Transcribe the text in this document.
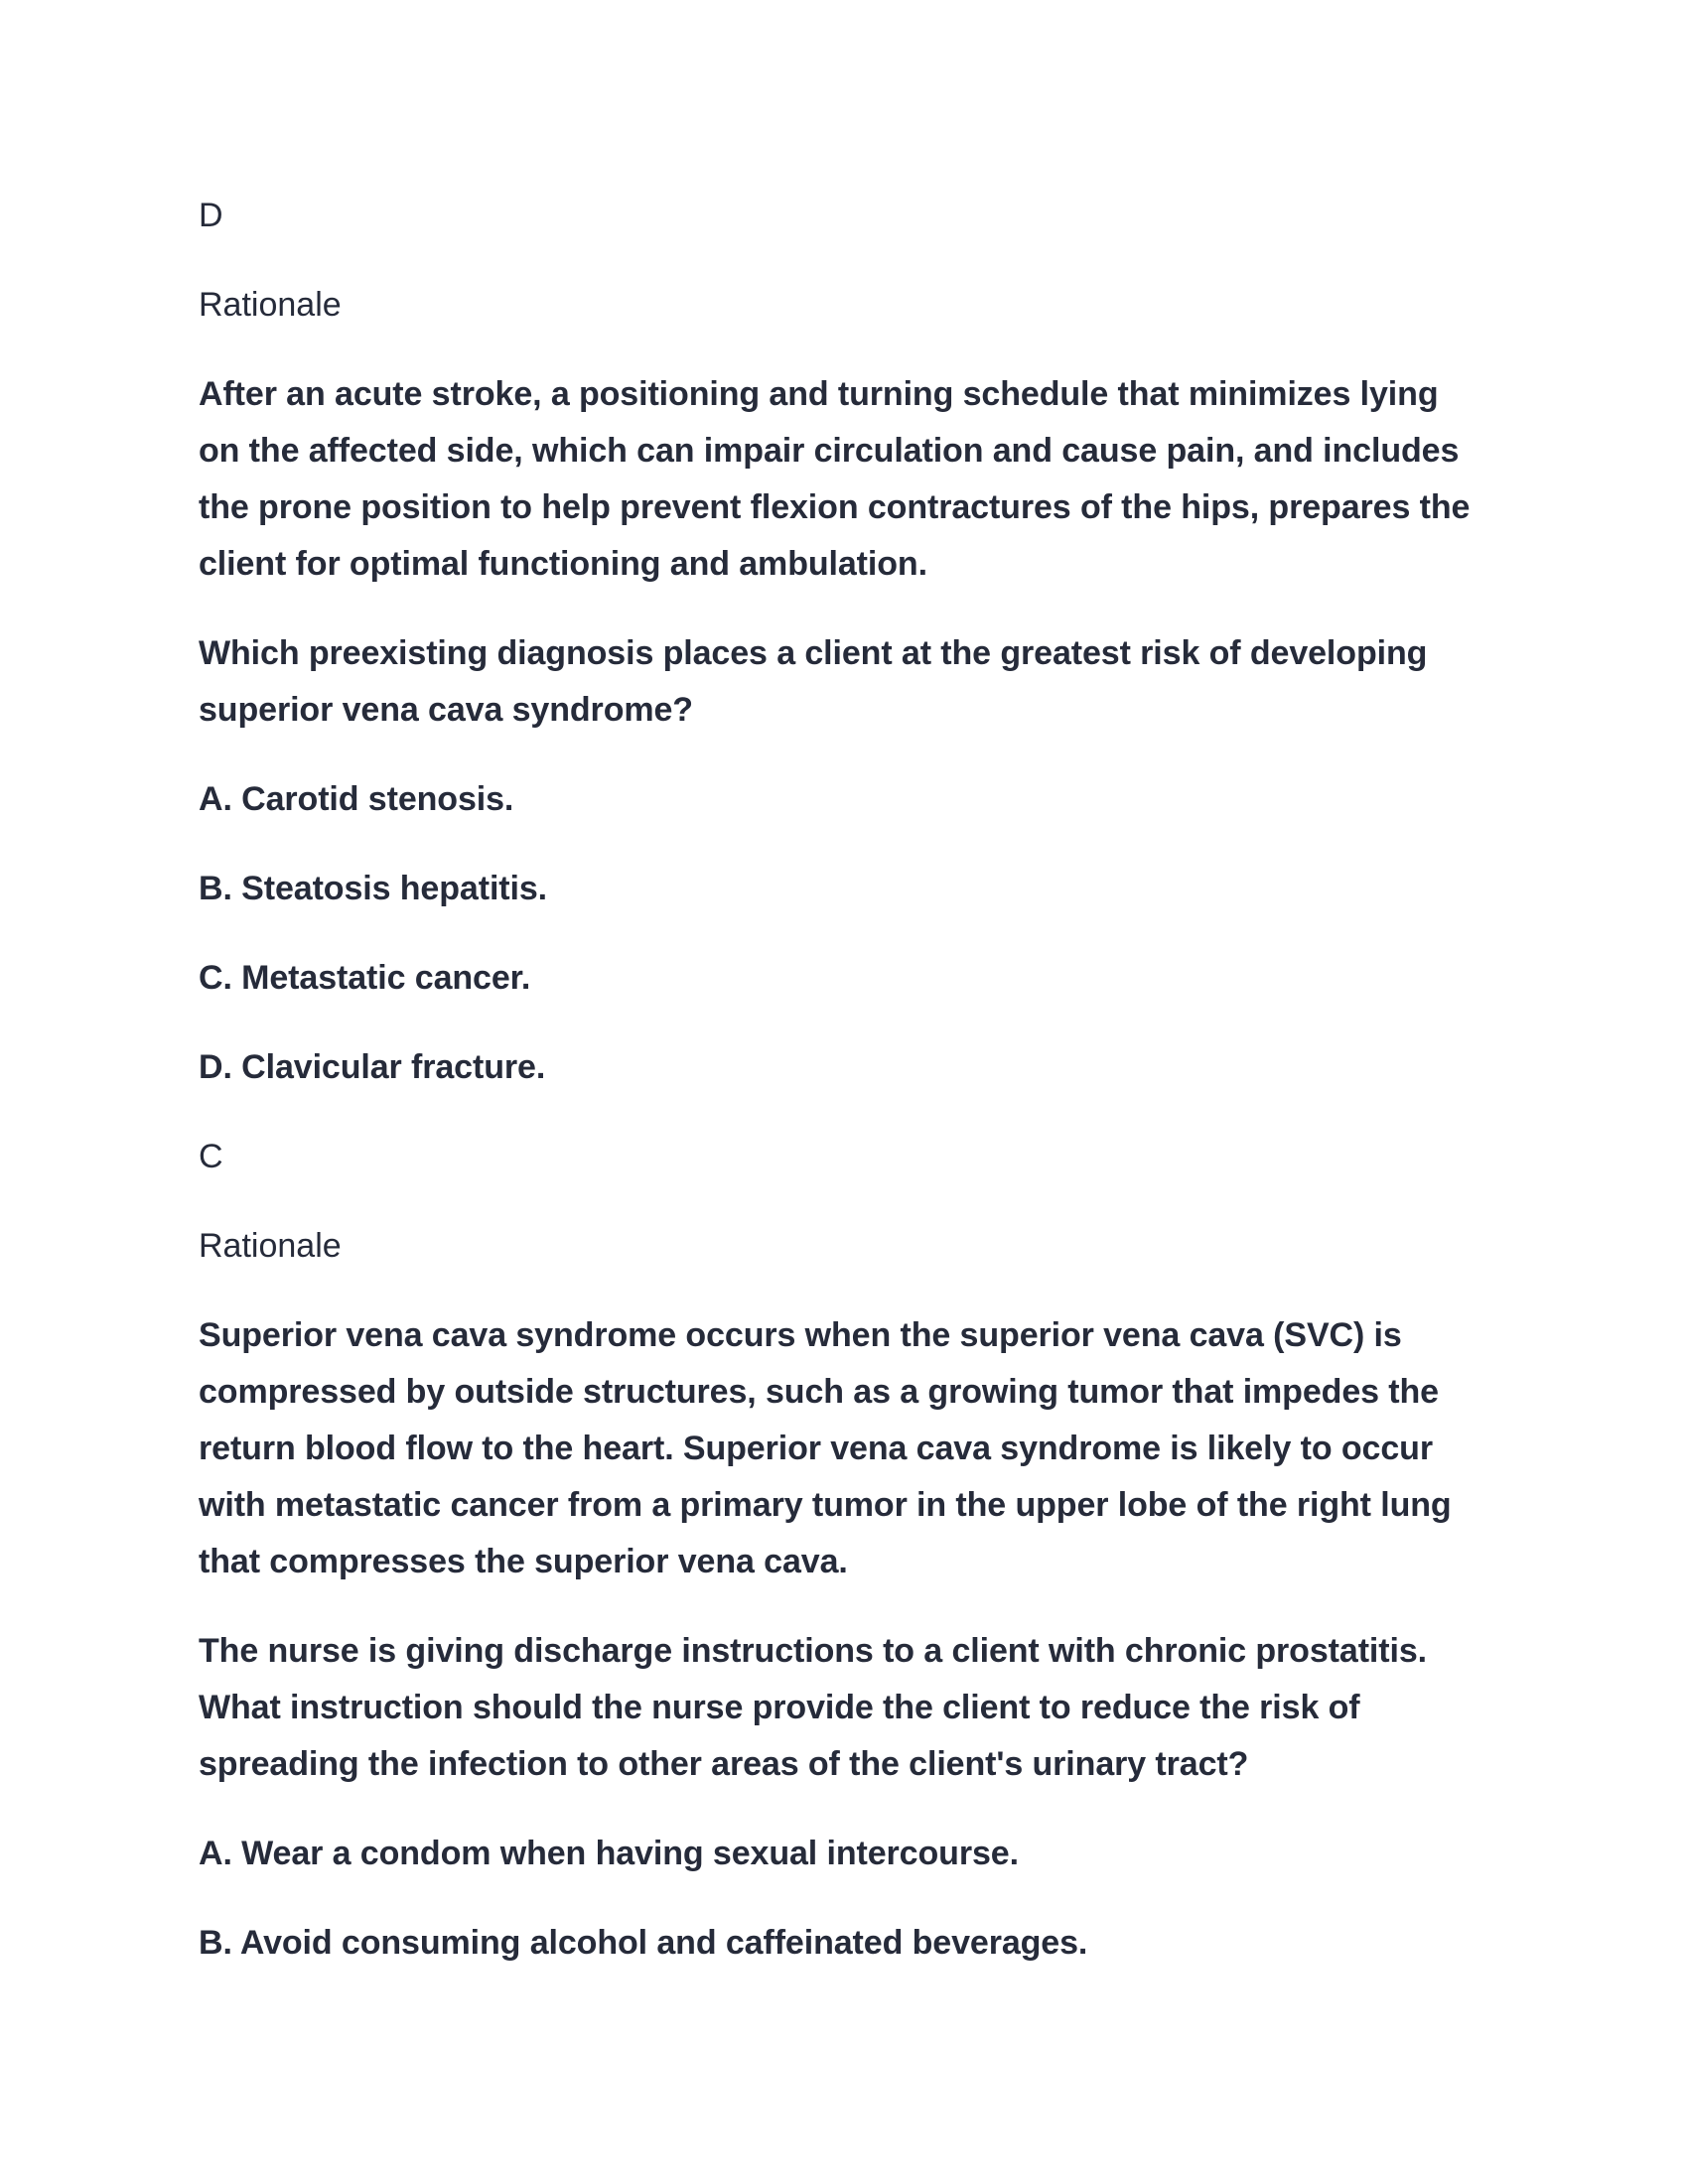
D

Rationale

After an acute stroke, a positioning and turning schedule that minimizes lying on the affected side, which can impair circulation and cause pain, and includes the prone position to help prevent flexion contractures of the hips, prepares the client for optimal functioning and ambulation.

Which preexisting diagnosis places a client at the greatest risk of developing superior vena cava syndrome?

A. Carotid stenosis.

B. Steatosis hepatitis.

C. Metastatic cancer.

D. Clavicular fracture.

C

Rationale

Superior vena cava syndrome occurs when the superior vena cava (SVC) is compressed by outside structures, such as a growing tumor that impedes the return blood flow to the heart. Superior vena cava syndrome is likely to occur with metastatic cancer from a primary tumor in the upper lobe of the right lung that compresses the superior vena cava.

The nurse is giving discharge instructions to a client with chronic prostatitis. What instruction should the nurse provide the client to reduce the risk of spreading the infection to other areas of the client's urinary tract?

A. Wear a condom when having sexual intercourse.

B. Avoid consuming alcohol and caffeinated beverages.
